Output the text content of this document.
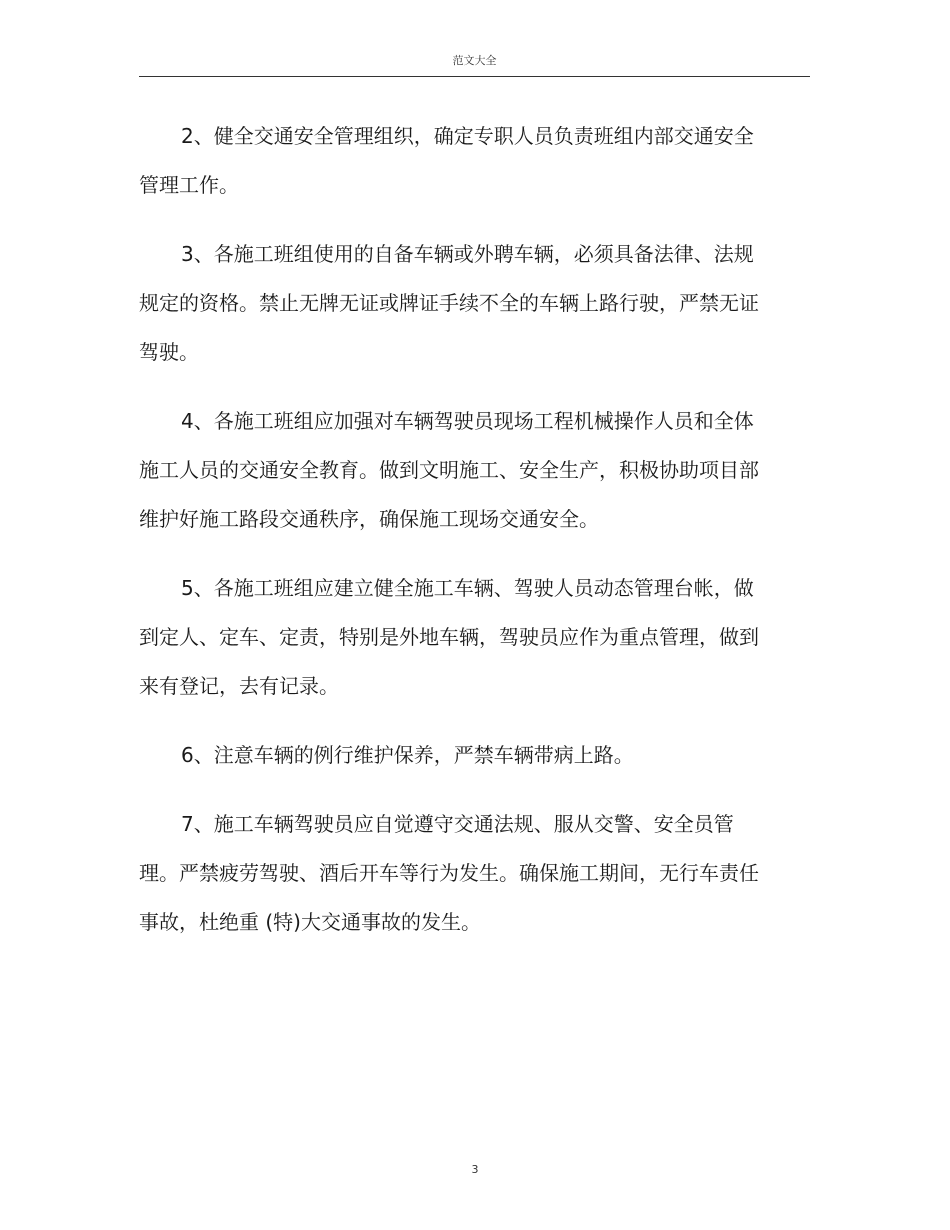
范文大全

2、健全交通安全管理组织，确定专职人员负责班组内部交通安全管理工作。

3、各施工班组使用的自备车辆或外聘车辆，必须具备法律、法规规定的资格。禁止无牌无证或牌证手续不全的车辆上路行驶，严禁无证驾驶。

4、各施工班组应加强对车辆驾驶员现场工程机械操作人员和全体施工人员的交通安全教育。做到文明施工、安全生产，积极协助项目部维护好施工路段交通秩序，确保施工现场交通安全。

5、各施工班组应建立健全施工车辆、驾驶人员动态管理台帐，做到定人、定车、定责，特别是外地车辆，驾驶员应作为重点管理，做到来有登记，去有记录。

6、注意车辆的例行维护保养，严禁车辆带病上路。

7、施工车辆驾驶员应自觉遵守交通法规、服从交警、安全员管理。严禁疲劳驾驶、酒后开车等行为发生。确保施工期间，无行车责任事故，杜绝重 (特)大交通事故的发生。

3
